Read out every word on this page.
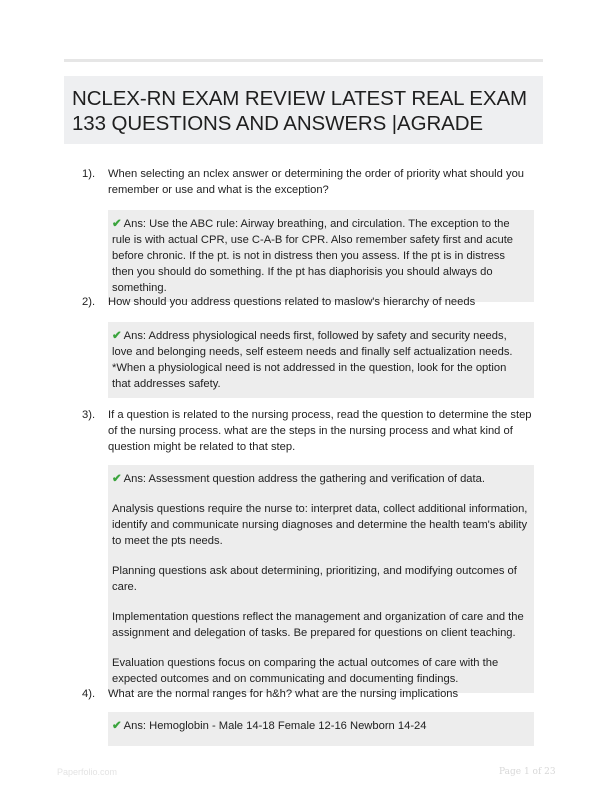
NCLEX-RN EXAM REVIEW LATEST REAL EXAM
133 QUESTIONS AND ANSWERS |AGRADE
1).	When selecting an nclex answer or determining the order of priority what should you remember or use and what is the exception?

✔ Ans: Use the ABC rule: Airway breathing, and circulation. The exception to the rule is with actual CPR, use C-A-B for CPR. Also remember safety first and acute before chronic. If the pt. is not in distress then you assess. If the pt is in distress then you should do something. If the pt has diaphorisis you should always do something.

2).	How should you address questions related to maslow's hierarchy of needs

✔ Ans: Address physiological needs first, followed by safety and security needs, love and belonging needs, self esteem needs and finally self actualization needs. *When a physiological need is not addressed in the question, look for the option that addresses safety.

3).	If a question is related to the nursing process, read the question to determine the step of the nursing process. what are the steps in the nursing process and what kind of question might be related to that step.

✔ Ans: Assessment question address the gathering and verification of data.

Analysis questions require the nurse to: interpret data, collect additional information, identify and communicate nursing diagnoses and determine the health team's ability to meet the pts needs.

Planning questions ask about determining, prioritizing, and modifying outcomes of care.

Implementation questions reflect the management and organization of care and the assignment and delegation of tasks. Be prepared for questions on client teaching.

Evaluation questions focus on comparing the actual outcomes of care with the expected outcomes and on communicating and documenting findings.

4).	What are the normal ranges for h&h? what are the nursing implications

✔ Ans: Hemoglobin - Male 14-18 Female 12-16 Newborn 14-24

Paperfolio.com	Page 1 of 23
